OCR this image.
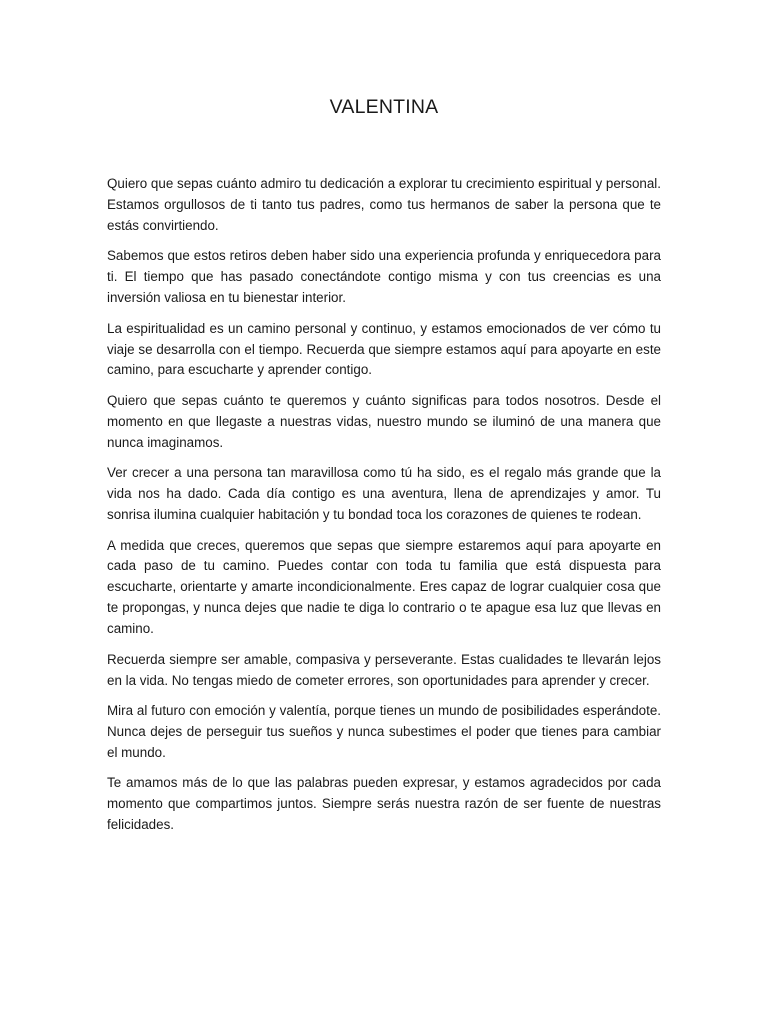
VALENTINA

Quiero que sepas cuánto admiro tu dedicación a explorar tu crecimiento espiritual y personal. Estamos orgullosos de ti tanto tus padres, como tus hermanos de saber la persona que te estás convirtiendo.

Sabemos que estos retiros deben haber sido una experiencia profunda y enriquecedora para ti. El tiempo que has pasado conectándote contigo misma y con tus creencias es una inversión valiosa en tu bienestar interior.

La espiritualidad es un camino personal y continuo, y estamos emocionados de ver cómo tu viaje se desarrolla con el tiempo. Recuerda que siempre estamos aquí para apoyarte en este camino, para escucharte y aprender contigo.

Quiero que sepas cuánto te queremos y cuánto significas para todos nosotros. Desde el momento en que llegaste a nuestras vidas, nuestro mundo se iluminó de una manera que nunca imaginamos.

Ver crecer a una persona tan maravillosa como tú ha sido, es el regalo más grande que la vida nos ha dado. Cada día contigo es una aventura, llena de aprendizajes y amor. Tu sonrisa ilumina cualquier habitación y tu bondad toca los corazones de quienes te rodean.

A medida que creces, queremos que sepas que siempre estaremos aquí para apoyarte en cada paso de tu camino. Puedes contar con toda tu familia que está dispuesta para escucharte, orientarte y amarte incondicionalmente. Eres capaz de lograr cualquier cosa que te propongas, y nunca dejes que nadie te diga lo contrario o te apague esa luz que llevas en camino.

Recuerda siempre ser amable, compasiva y perseverante. Estas cualidades te llevarán lejos en la vida. No tengas miedo de cometer errores, son oportunidades para aprender y crecer.

Mira al futuro con emoción y valentía, porque tienes un mundo de posibilidades esperándote. Nunca dejes de perseguir tus sueños y nunca subestimes el poder que tienes para cambiar el mundo.

Te amamos más de lo que las palabras pueden expresar, y estamos agradecidos por cada momento que compartimos juntos. Siempre serás nuestra razón de ser fuente de nuestras felicidades.
